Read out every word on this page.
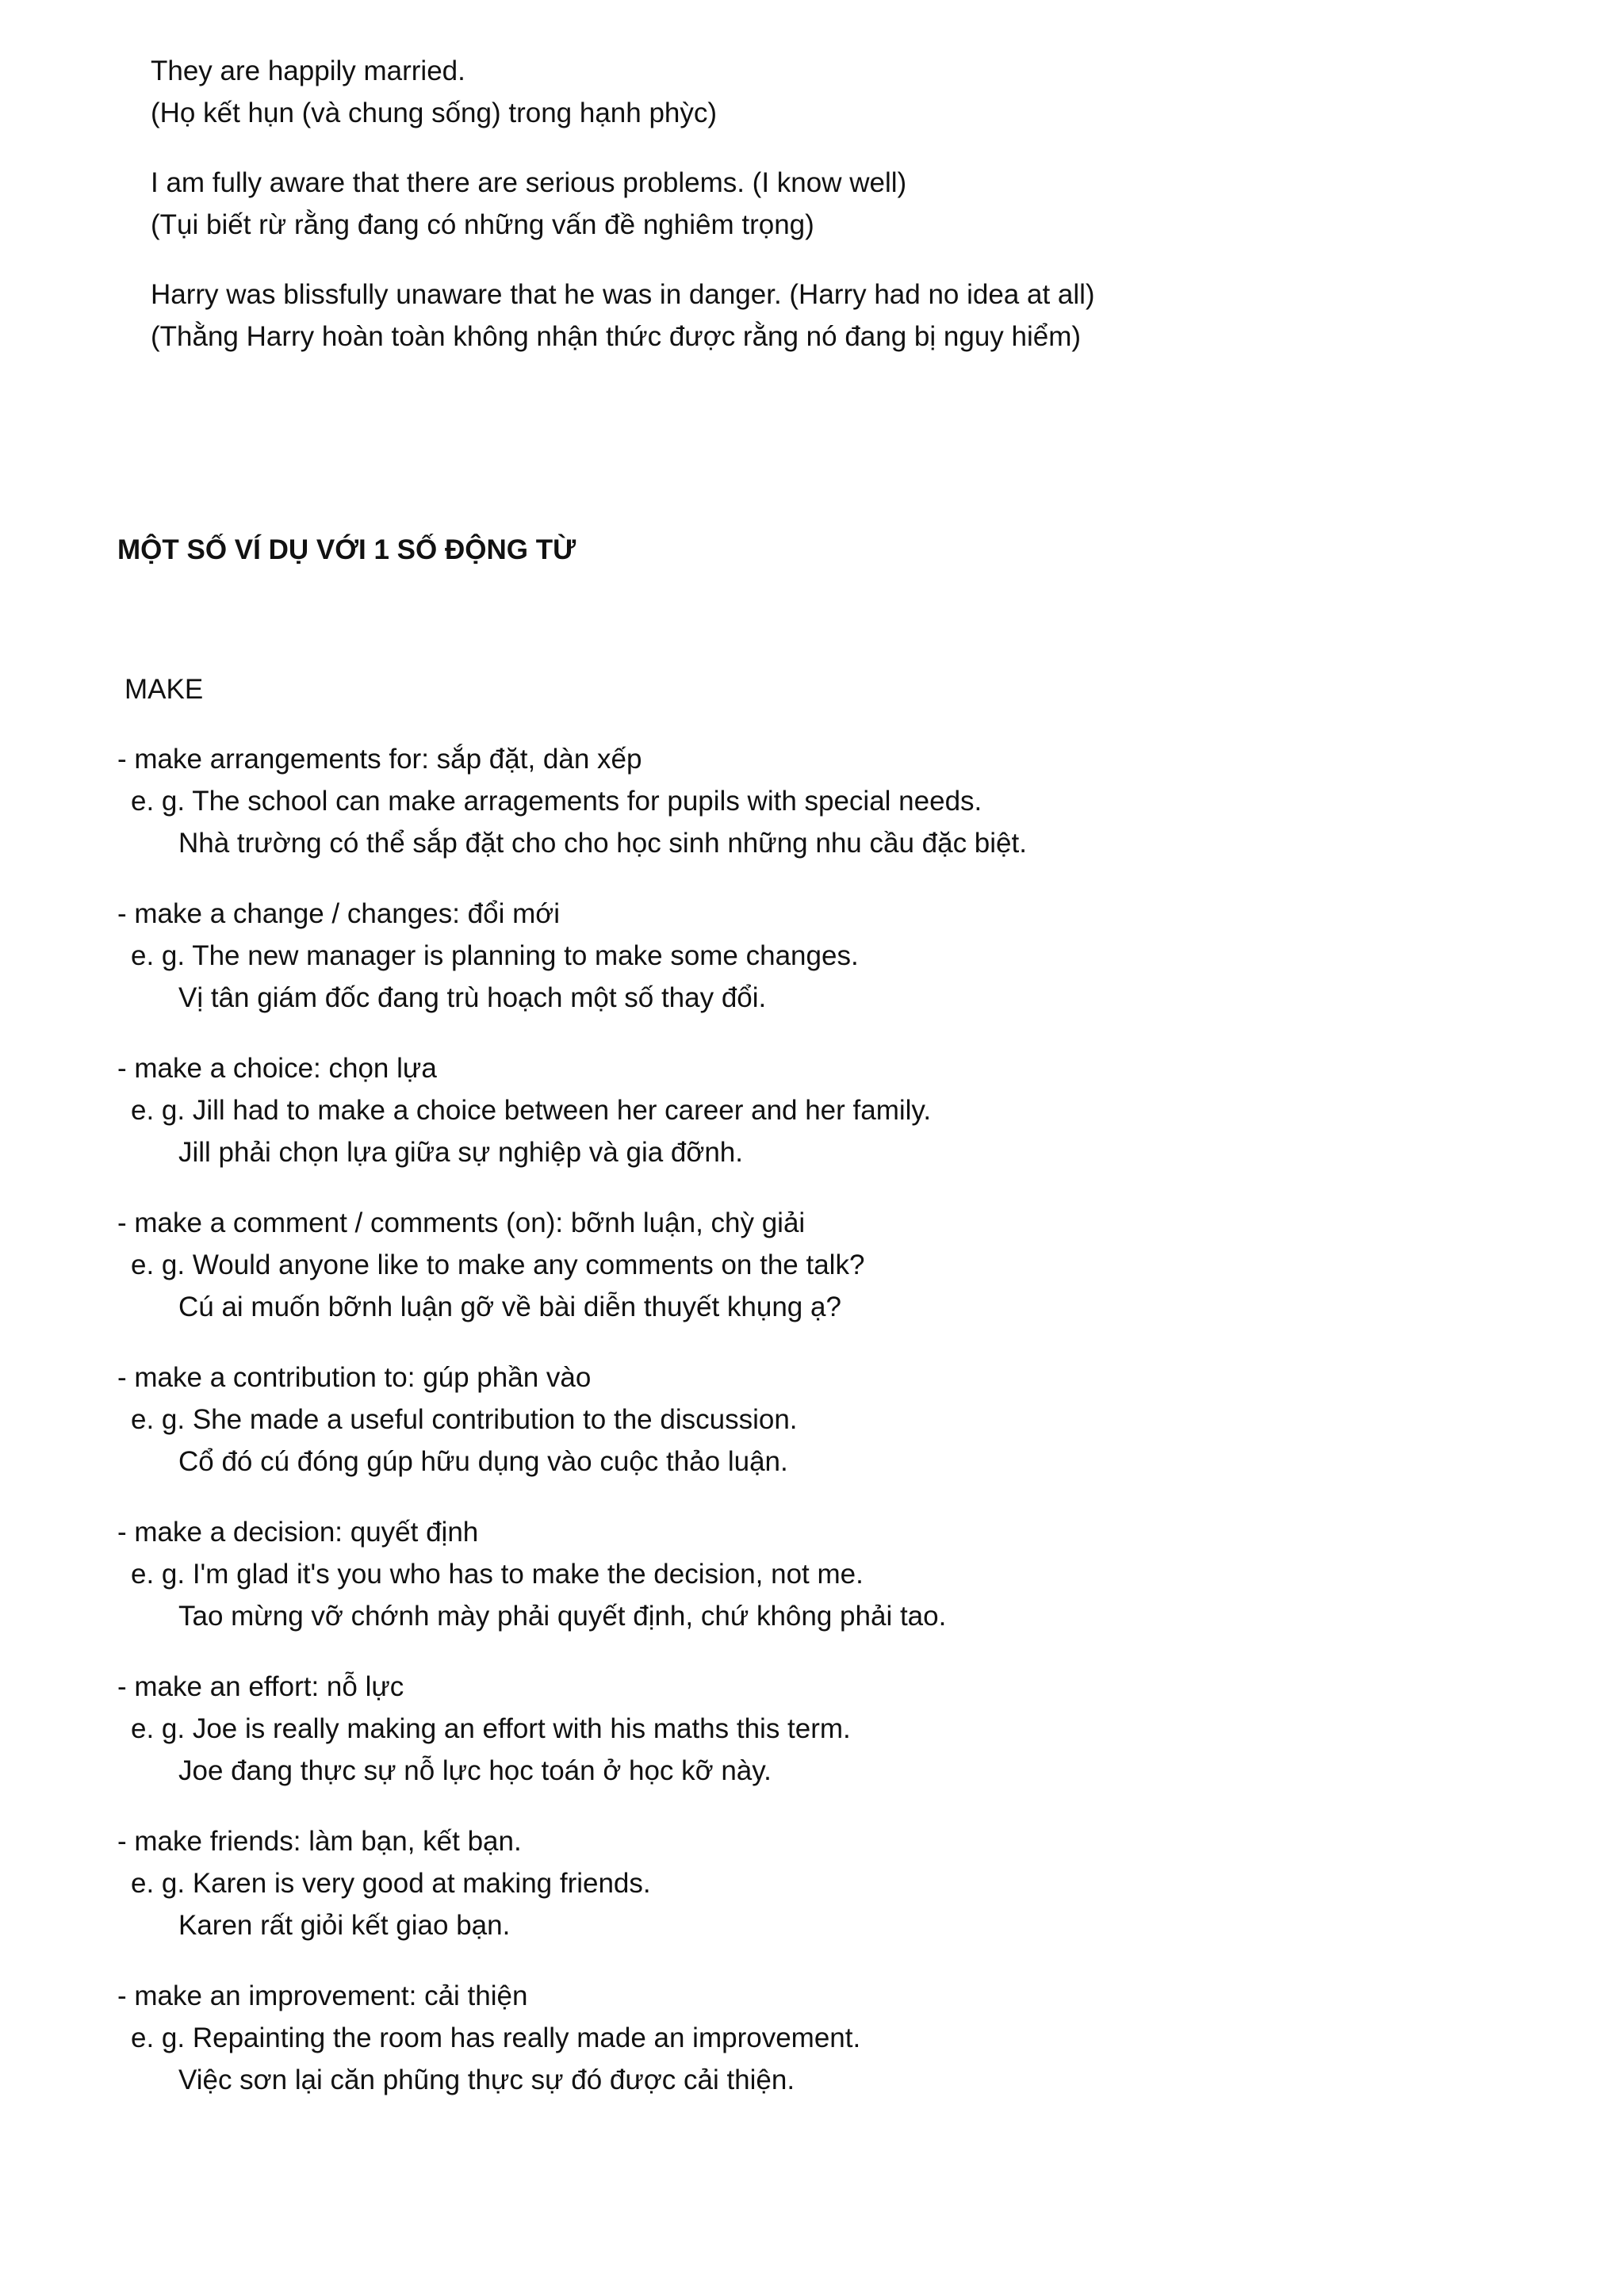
They are happily married.
(Họ kết hụn (và chung sống) trong hạnh phỳc)
I am fully aware that there are serious problems. (I know well)
(Tụi biết rừ rằng đang có những vấn đề nghiêm trọng)
Harry was blissfully unaware that he was in danger. (Harry had no idea at all)
(Thằng Harry hoàn toàn không nhận thức được rằng nó đang bị nguy hiểm)
MỘT SỐ VÍ DỤ VỚI 1 SỐ ĐỘNG TỪ
MAKE
- make arrangements for: sắp đặt, dàn xếp
e. g. The school can make arragements for pupils with special needs.
Nhà trường có thể sắp đặt cho cho học sinh những nhu cầu đặc biệt.
- make a change / changes: đổi mới
e. g. The new manager is planning to make some changes.
Vị tân giám đốc đang trù hoạch một số thay đổi.
- make a choice: chọn lựa
e. g. Jill had to make a choice between her career and her family.
Jill phải chọn lựa giữa sự nghiệp và gia đỡnh.
- make a comment / comments (on): bỡnh luận, chỳ giải
e. g. Would anyone like to make any comments on the talk?
Cú ai muốn bỡnh luận gỡ về bài diễn thuyết khụng ạ?
- make a contribution to: gúp phần vào
e. g. She made a useful contribution to the discussion.
Cổ đó cú đóng gúp hữu dụng vào cuộc thảo luận.
- make a decision: quyết định
e. g. I'm glad it's you who has to make the decision, not me.
Tao mừng vỡ chớnh mày phải quyết định, chứ không phải tao.
- make an effort: nỗ lực
e. g. Joe is really making an effort with his maths this term.
Joe đang thực sự nỗ lực học toán ở học kỡ này.
- make friends: làm bạn, kết bạn.
e. g. Karen is very good at making friends.
Karen rất giỏi kết giao bạn.
- make an improvement: cải thiện
e. g. Repainting the room has really made an improvement.
Việc sơn lại căn phũng thực sự đó được cải thiện.
